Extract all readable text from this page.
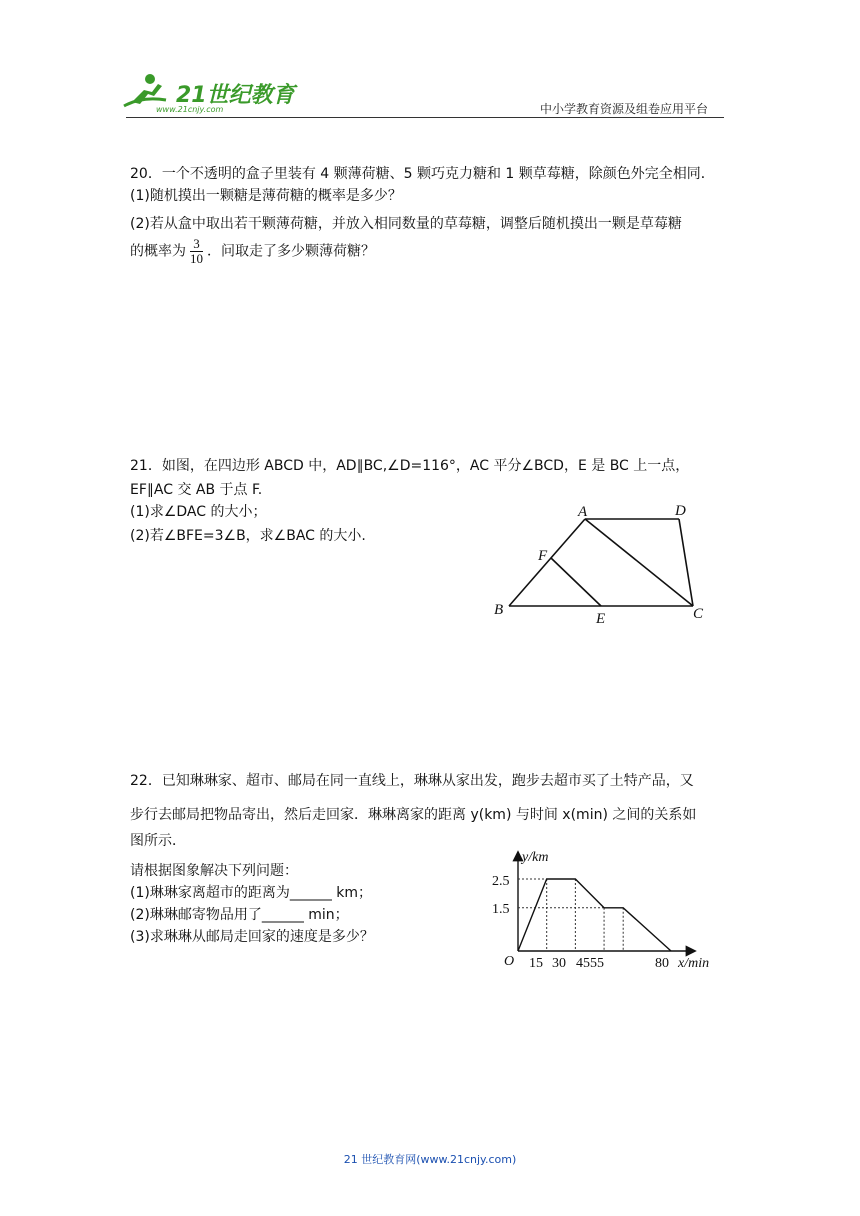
21世纪教育
www.21cnjy.com	中小学教育资源及组卷应用平台
20．一个不透明的盒子里装有 4 颗薄荷糖、5 颗巧克力糖和 1 颗草莓糖，除颜色外完全相同．
(1)随机摸出一颗糖是薄荷糖的概率是多少？
(2)若从盒中取出若干颗薄荷糖，并放入相同数量的草莓糖，调整后随机摸出一颗是草莓糖
的概率为 $\frac{3}{10}$ ．问取走了多少颗薄荷糖？
21．如图，在四边形 ABCD 中，AD∥BC,∠D=116°，AC 平分∠BCD，E 是 BC 上一点，
EF∥AC 交 AB 于点 F.
(1)求∠DAC 的大小；
(2)若∠BFE=3∠B，求∠BAC 的大小.
A	D
F
B
E	C
22．已知琳琳家、超市、邮局在同一直线上，琳琳从家出发，跑步去超市买了土特产品，又
步行去邮局把物品寄出，然后走回家．琳琳离家的距离 y(km) 与时间 x(min) 之间的关系如
图所示．
请根据图象解决下列问题：
(1)琳琳家离超市的距离为______ km；
(2)琳琳邮寄物品用了______ min；
(3)求琳琳从邮局走回家的速度是多少？
y/km
x/min
O
2.5
1.5
15 30 4555	80
21 世纪教育网(www.21cnjy.com)
